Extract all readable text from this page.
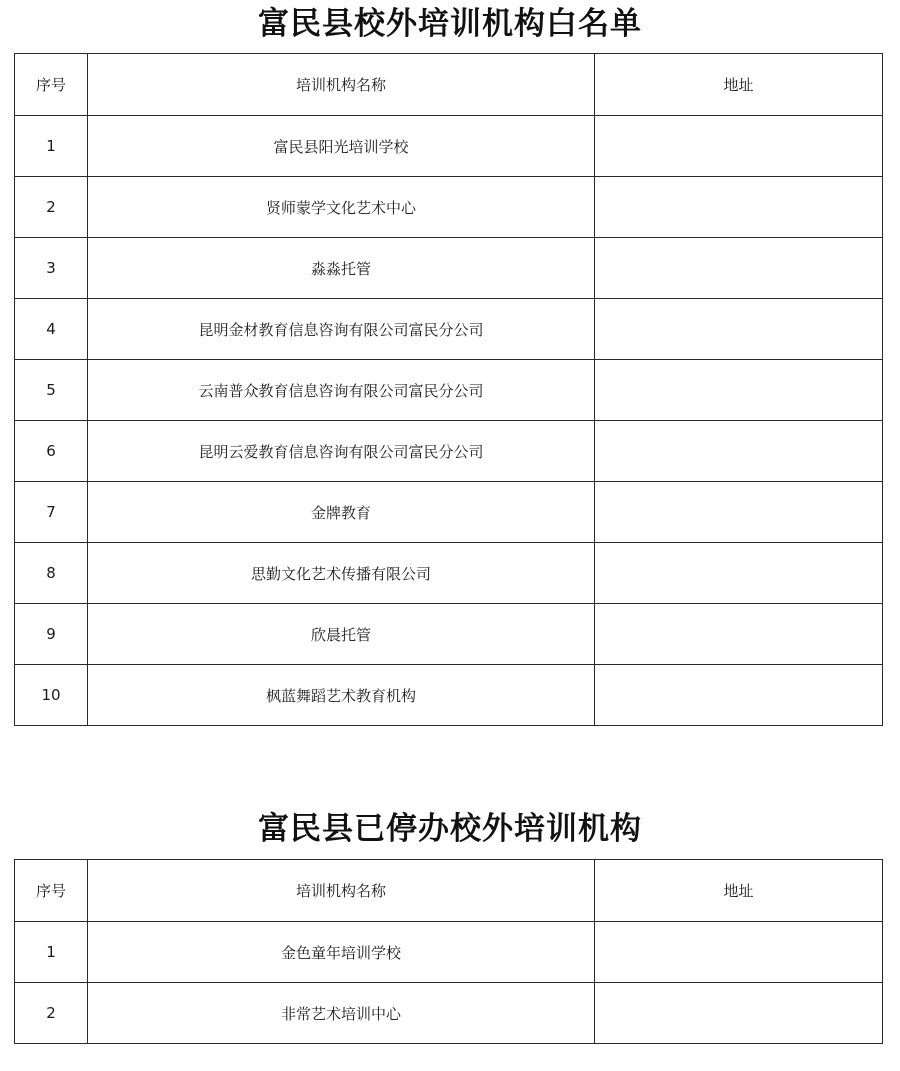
富民县校外培训机构白名单
序号	培训机构名称	地址
1	富民县阳光培训学校	
2	贤师蒙学文化艺术中心	
3	淼淼托管	
4	昆明金材教育信息咨询有限公司富民分公司	
5	云南普众教育信息咨询有限公司富民分公司	
6	昆明云爱教育信息咨询有限公司富民分公司	
7	金牌教育	
8	思勤文化艺术传播有限公司	
9	欣晨托管	
10	枫蓝舞蹈艺术教育机构	
富民县已停办校外培训机构
序号	培训机构名称	地址
1	金色童年培训学校	
2	非常艺术培训中心	
